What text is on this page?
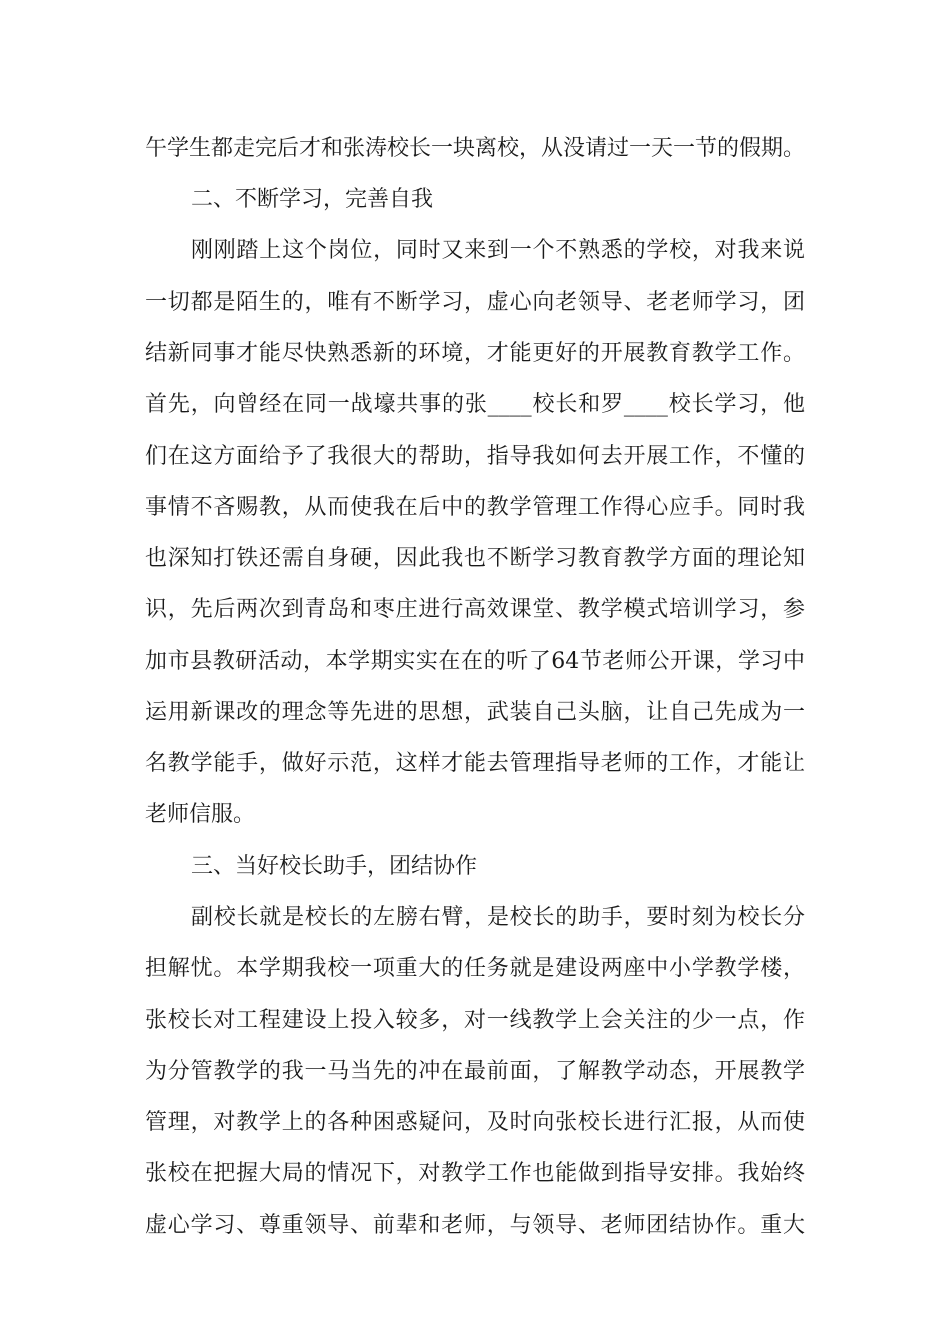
午学生都走完后才和张涛校长一块离校，从没请过一天一节的假期。

二、不断学习，完善自我

刚刚踏上这个岗位，同时又来到一个不熟悉的学校，对我来说

一切都是陌生的，唯有不断学习，虚心向老领导、老老师学习，团

结新同事才能尽快熟悉新的环境，才能更好的开展教育教学工作。

首先，向曾经在同一战壕共事的张____校长和罗____校长学习，他

们在这方面给予了我很大的帮助，指导我如何去开展工作，不懂的

事情不吝赐教，从而使我在后中的教学管理工作得心应手。同时我

也深知打铁还需自身硬，因此我也不断学习教育教学方面的理论知

识，先后两次到青岛和枣庄进行高效课堂、教学模式培训学习，参

加市县教研活动，本学期实实在在的听了64节老师公开课，学习中

运用新课改的理念等先进的思想，武装自己头脑，让自己先成为一

名教学能手，做好示范，这样才能去管理指导老师的工作，才能让

老师信服。

三、当好校长助手，团结协作

副校长就是校长的左膀右臂，是校长的助手，要时刻为校长分

担解忧。本学期我校一项重大的任务就是建设两座中小学教学楼，

张校长对工程建设上投入较多，对一线教学上会关注的少一点，作

为分管教学的我一马当先的冲在最前面，了解教学动态，开展教学

管理，对教学上的各种困惑疑问，及时向张校长进行汇报，从而使

张校在把握大局的情况下，对教学工作也能做到指导安排。我始终

虚心学习、尊重领导、前辈和老师，与领导、老师团结协作。重大
